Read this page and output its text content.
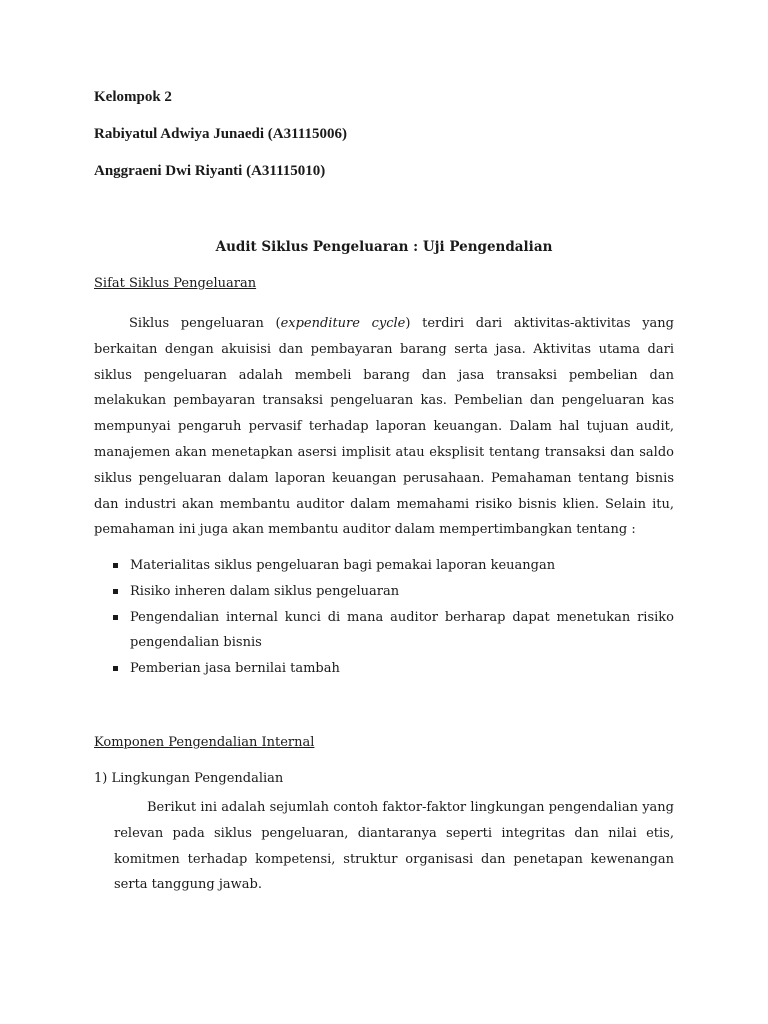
Kelompok 2
Rabiyatul Adwiya Junaedi (A31115006)
Anggraeni Dwi Riyanti (A31115010)
Audit Siklus Pengeluaran : Uji Pengendalian
Sifat Siklus Pengeluaran
Siklus pengeluaran (expenditure cycle) terdiri dari aktivitas-aktivitas yang
berkaitan dengan akuisisi dan pembayaran barang serta jasa. Aktivitas utama dari
siklus pengeluaran adalah membeli barang dan jasa transaksi pembelian dan
melakukan pembayaran transaksi pengeluaran kas. Pembelian dan pengeluaran kas
mempunyai pengaruh pervasif terhadap laporan keuangan. Dalam hal tujuan audit,
manajemen akan menetapkan asersi implisit atau eksplisit tentang transaksi dan saldo
siklus pengeluaran dalam laporan keuangan perusahaan. Pemahaman tentang bisnis
dan industri akan membantu auditor dalam memahami risiko bisnis klien. Selain itu,
pemahaman ini juga akan membantu auditor dalam mempertimbangkan tentang :
Materialitas siklus pengeluaran bagi pemakai laporan keuangan
Risiko inheren dalam siklus pengeluaran
Pengendalian internal kunci di mana auditor berharap dapat menetukan risiko
pengendalian bisnis
Pemberian jasa bernilai tambah
Komponen Pengendalian Internal
1) Lingkungan Pengendalian
Berikut ini adalah sejumlah contoh faktor-faktor lingkungan pengendalian yang
relevan pada siklus pengeluaran, diantaranya seperti integritas dan nilai etis,
komitmen terhadap kompetensi, struktur organisasi dan penetapan kewenangan
serta tanggung jawab.
